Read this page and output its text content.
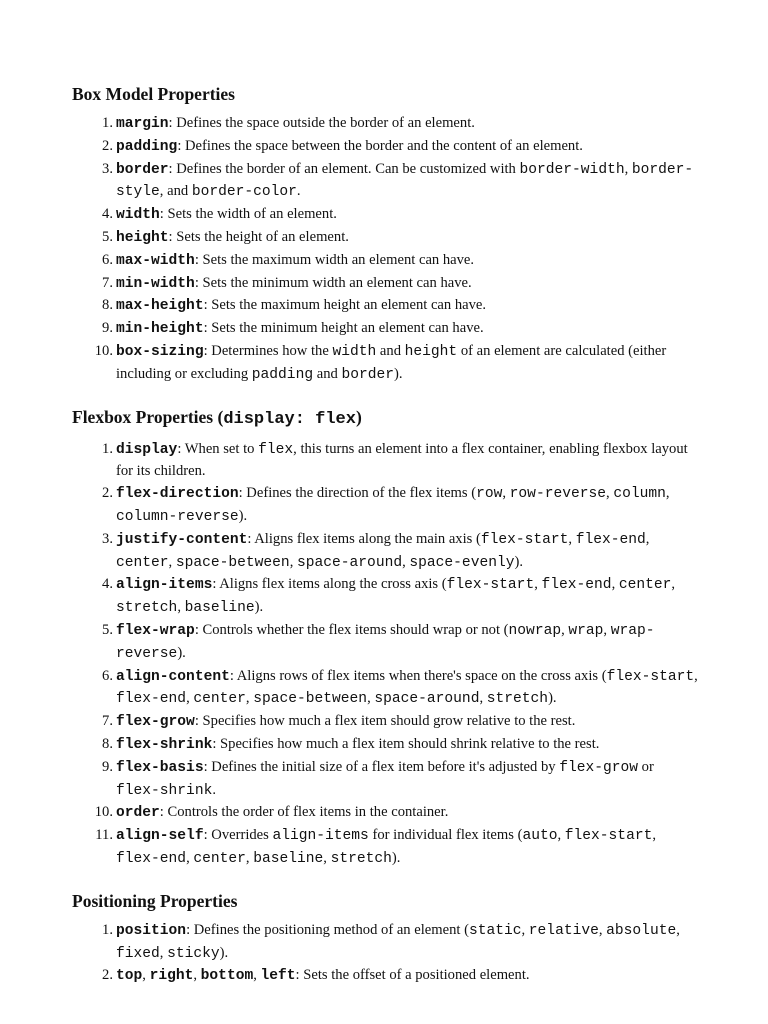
Box Model Properties
1. margin: Defines the space outside the border of an element.
2. padding: Defines the space between the border and the content of an element.
3. border: Defines the border of an element. Can be customized with border-width, border-style, and border-color.
4. width: Sets the width of an element.
5. height: Sets the height of an element.
6. max-width: Sets the maximum width an element can have.
7. min-width: Sets the minimum width an element can have.
8. max-height: Sets the maximum height an element can have.
9. min-height: Sets the minimum height an element can have.
10. box-sizing: Determines how the width and height of an element are calculated (either including or excluding padding and border).
Flexbox Properties (display: flex)
1. display: When set to flex, this turns an element into a flex container, enabling flexbox layout for its children.
2. flex-direction: Defines the direction of the flex items (row, row-reverse, column, column-reverse).
3. justify-content: Aligns flex items along the main axis (flex-start, flex-end, center, space-between, space-around, space-evenly).
4. align-items: Aligns flex items along the cross axis (flex-start, flex-end, center, stretch, baseline).
5. flex-wrap: Controls whether the flex items should wrap or not (nowrap, wrap, wrap-reverse).
6. align-content: Aligns rows of flex items when there's space on the cross axis (flex-start, flex-end, center, space-between, space-around, stretch).
7. flex-grow: Specifies how much a flex item should grow relative to the rest.
8. flex-shrink: Specifies how much a flex item should shrink relative to the rest.
9. flex-basis: Defines the initial size of a flex item before it's adjusted by flex-grow or flex-shrink.
10. order: Controls the order of flex items in the container.
11. align-self: Overrides align-items for individual flex items (auto, flex-start, flex-end, center, baseline, stretch).
Positioning Properties
1. position: Defines the positioning method of an element (static, relative, absolute, fixed, sticky).
2. top, right, bottom, left: Sets the offset of a positioned element.
